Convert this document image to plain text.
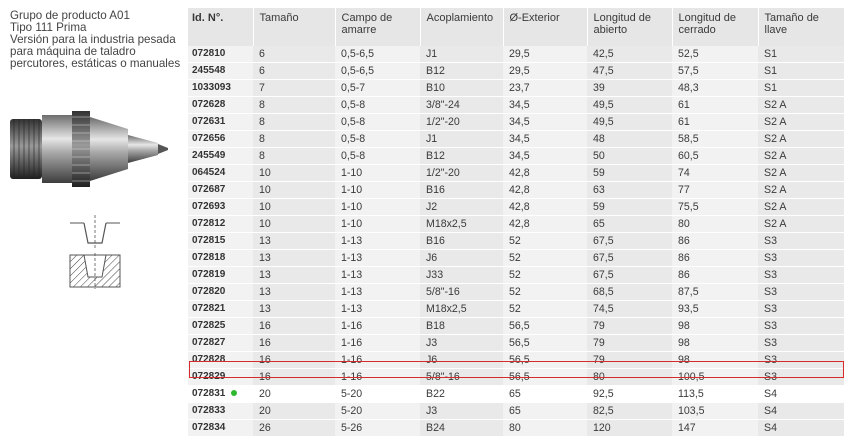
Grupo de producto A01
Tipo 111 Prima
Versión para la industria pesada
para máquina de taladro
percutores, estáticas o manuales
Id. N°.	Tamaño	Campo de amarre	Acoplamiento	Ø-Exterior	Longitud de abierto	Longitud de cerrado	Tamaño de llave
072810	6	0,5-6,5	J1	29,5	42,5	52,5	S1
245548	6	0,5-6,5	B12	29,5	47,5	57,5	S1
1033093	7	0,5-7	B10	23,7	39	48,3	S1
072628	8	0,5-8	3/8"-24	34,5	49,5	61	S2 A
072631	8	0,5-8	1/2"-20	34,5	49,5	61	S2 A
072656	8	0,5-8	J1	34,5	48	58,5	S2 A
245549	8	0,5-8	B12	34,5	50	60,5	S2 A
064524	10	1-10	1/2"-20	42,8	59	74	S2 A
072687	10	1-10	B16	42,8	63	77	S2 A
072693	10	1-10	J2	42,8	59	75,5	S2 A
072812	10	1-10	M18x2,5	42,8	65	80	S2 A
072815	13	1-13	B16	52	67,5	86	S3
072818	13	1-13	J6	52	67,5	86	S3
072819	13	1-13	J33	52	67,5	86	S3
072820	13	1-13	5/8"-16	52	68,5	87,5	S3
072821	13	1-13	M18x2,5	52	74,5	93,5	S3
072825	16	1-16	B18	56,5	79	98	S3
072827	16	1-16	J3	56,5	79	98	S3
072828	16	1-16	J6	56,5	79	98	S3
072829	16	1-16	5/8"-16	56,5	80	100,5	S3
072831	20	5-20	B22	65	92,5	113,5	S4
072833	20	5-20	J3	65	82,5	103,5	S4
072834	26	5-26	B24	80	120	147	S4
